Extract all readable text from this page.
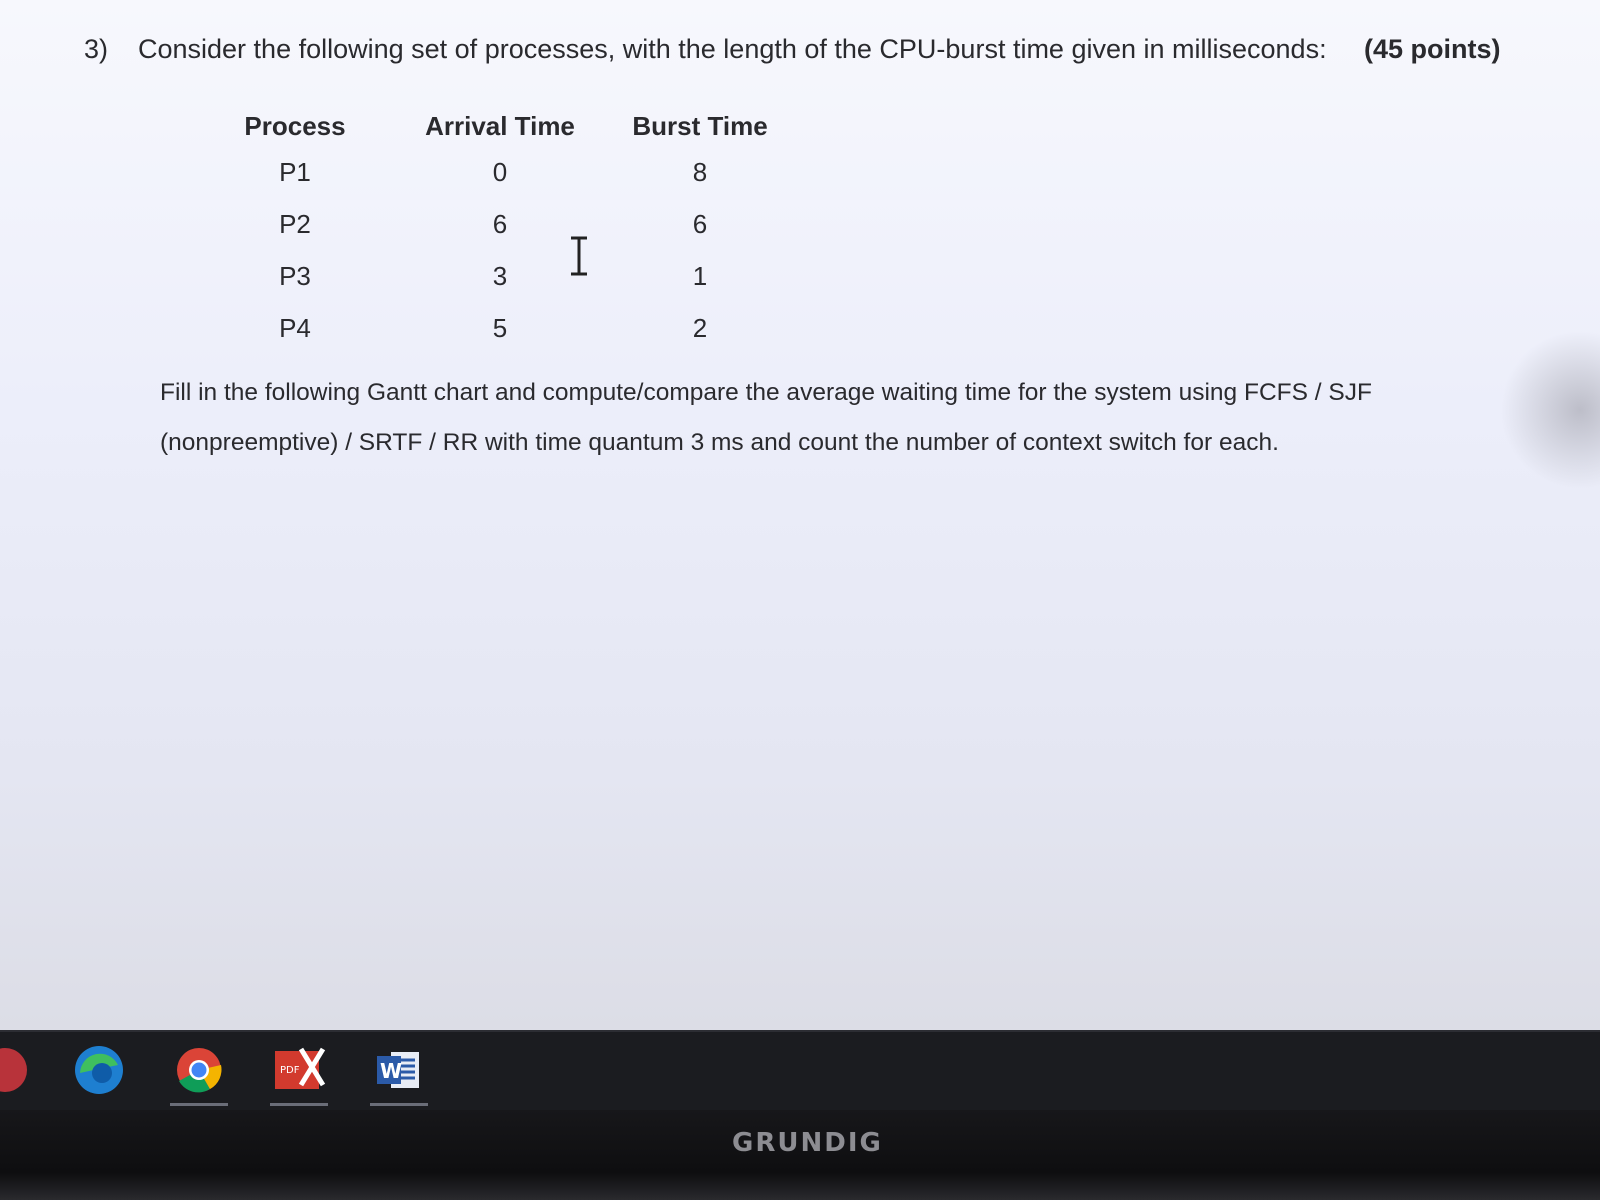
3) Consider the following set of processes, with the length of the CPU-burst time given in milliseconds: (45 points)
Process	Arrival Time	Burst Time
P1	0	8
P2	6	6
P3	3	1
P4	5	2
Fill in the following Gantt chart and compute/compare the average waiting time for the system using FCFS / SJF
(nonpreemptive) / SRTF / RR with time quantum 3 ms and count the number of context switch for each.
PDF	W
GRUNDIG
